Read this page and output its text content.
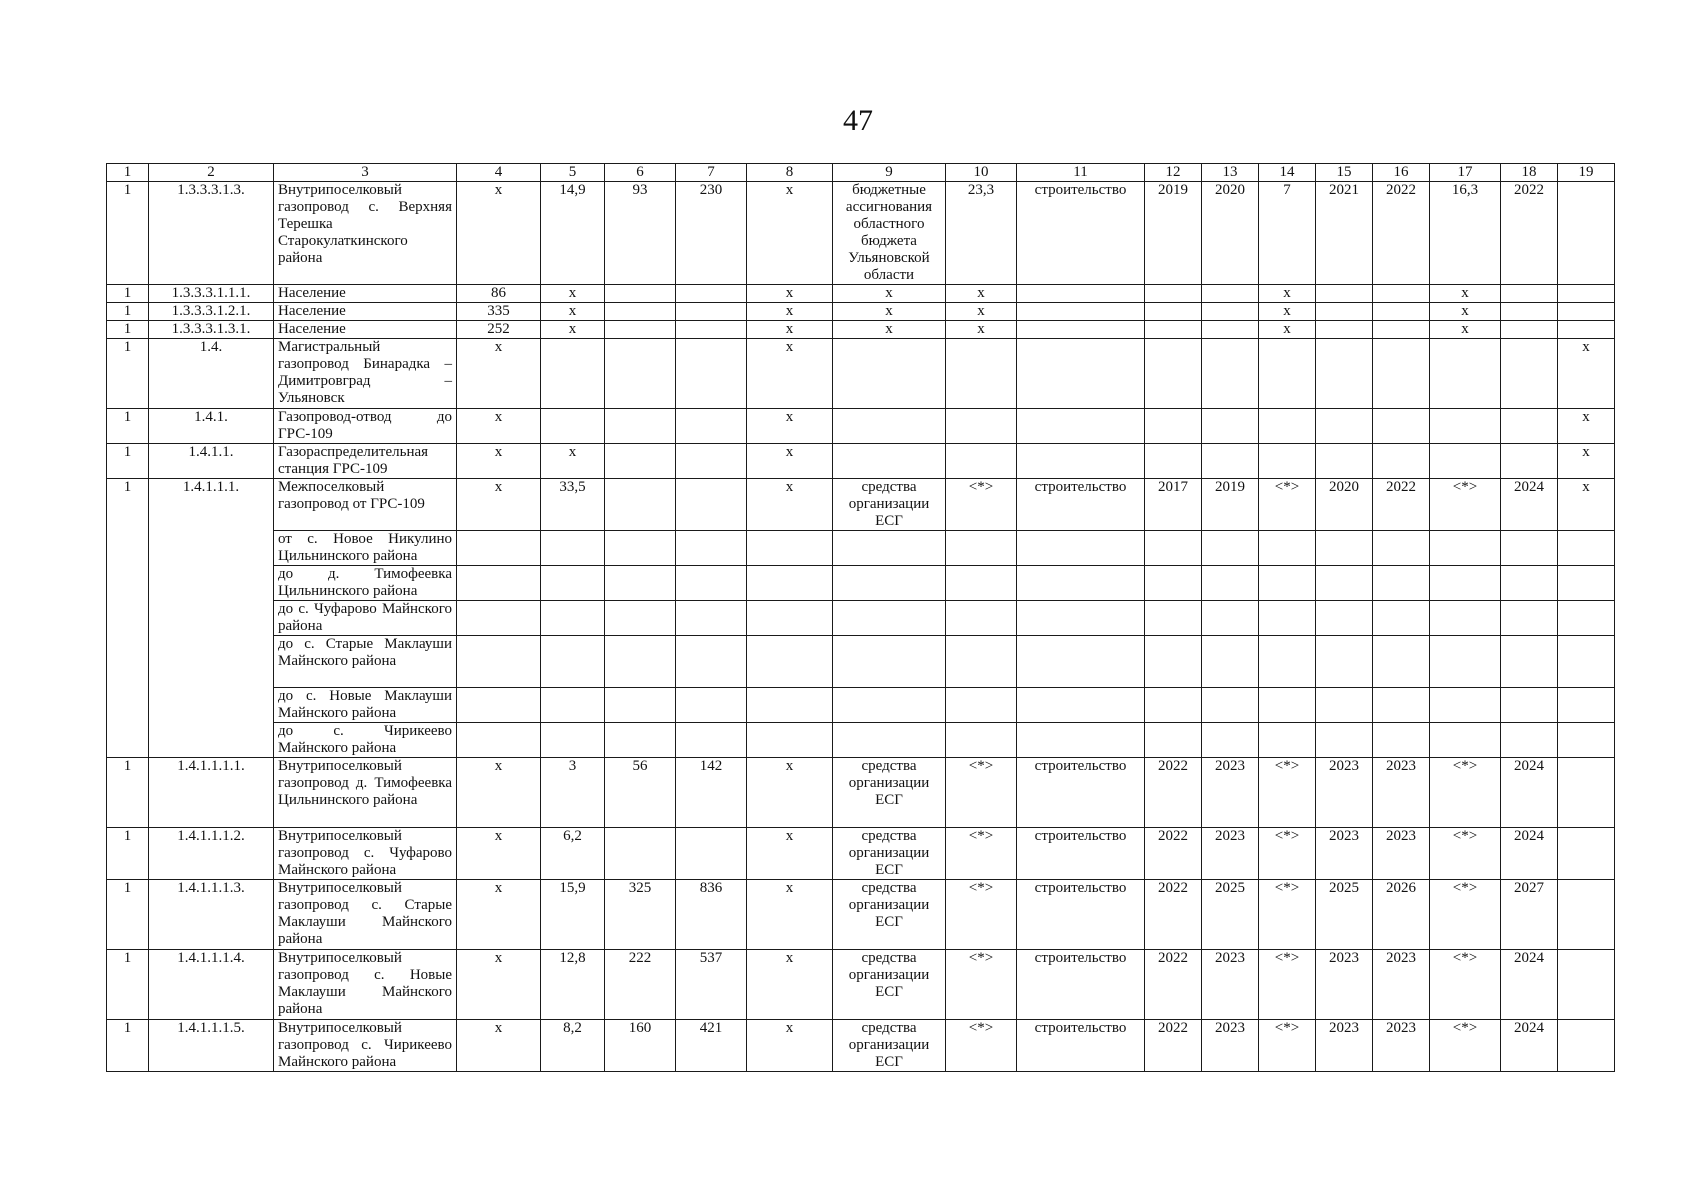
47
1	2	3	4	5	6	7	8	9	10	11	12	13	14	15	16	17	18	19
1	1.3.3.3.1.3.	Внутрипоселковый газопровод с. Верхняя Терешка Старокулаткинского района	x	14,9	93	230	x	бюджетные ассигнования областного бюджета Ульяновской области	23,3	строительство	2019	2020	7	2021	2022	16,3	2022	
1	1.3.3.3.1.1.1.	Население	86	x			x	x	x				x			x		
1	1.3.3.3.1.2.1.	Население	335	x			x	x	x				x			x		
1	1.3.3.3.1.3.1.	Население	252	x			x	x	x				x			x		
1	1.4.	Магистральный газопровод Бинарадка – Димитровград – Ульяновск	x				x											x
1	1.4.1.	Газопровод-отвод до ГРС-109	x				x											x
1	1.4.1.1.	Газораспределительная станция ГРС-109	x	x			x											x
1	1.4.1.1.1.	Межпоселковый газопровод от ГРС-109	x	33,5			x	средства организации ЕСГ	<*>	строительство	2017	2019	<*>	2020	2022	<*>	2024	x
		от с. Новое Никулино Цильнинского района																
		до д. Тимофеевка Цильнинского района																
		до с. Чуфарово Майнского района																
		до с. Старые Маклауши Майнского района																
		до с. Новые Маклауши Майнского района																
		до с. Чирикеево Майнского района																
1	1.4.1.1.1.1.	Внутрипоселковый газопровод д. Тимофеевка Цильнинского района	x	3	56	142	x	средства организации ЕСГ	<*>	строительство	2022	2023	<*>	2023	2023	<*>	2024	
1	1.4.1.1.1.2.	Внутрипоселковый газопровод с. Чуфарово Майнского района	x	6,2			x	средства организации ЕСГ	<*>	строительство	2022	2023	<*>	2023	2023	<*>	2024	
1	1.4.1.1.1.3.	Внутрипоселковый газопровод с. Старые Маклауши Майнского района	x	15,9	325	836	x	средства организации ЕСГ	<*>	строительство	2022	2025	<*>	2025	2026	<*>	2027	
1	1.4.1.1.1.4.	Внутрипоселковый газопровод с. Новые Маклауши Майнского района	x	12,8	222	537	x	средства организации ЕСГ	<*>	строительство	2022	2023	<*>	2023	2023	<*>	2024	
1	1.4.1.1.1.5.	Внутрипоселковый газопровод с. Чирикеево Майнского района	x	8,2	160	421	x	средства организации ЕСГ	<*>	строительство	2022	2023	<*>	2023	2023	<*>	2024	
